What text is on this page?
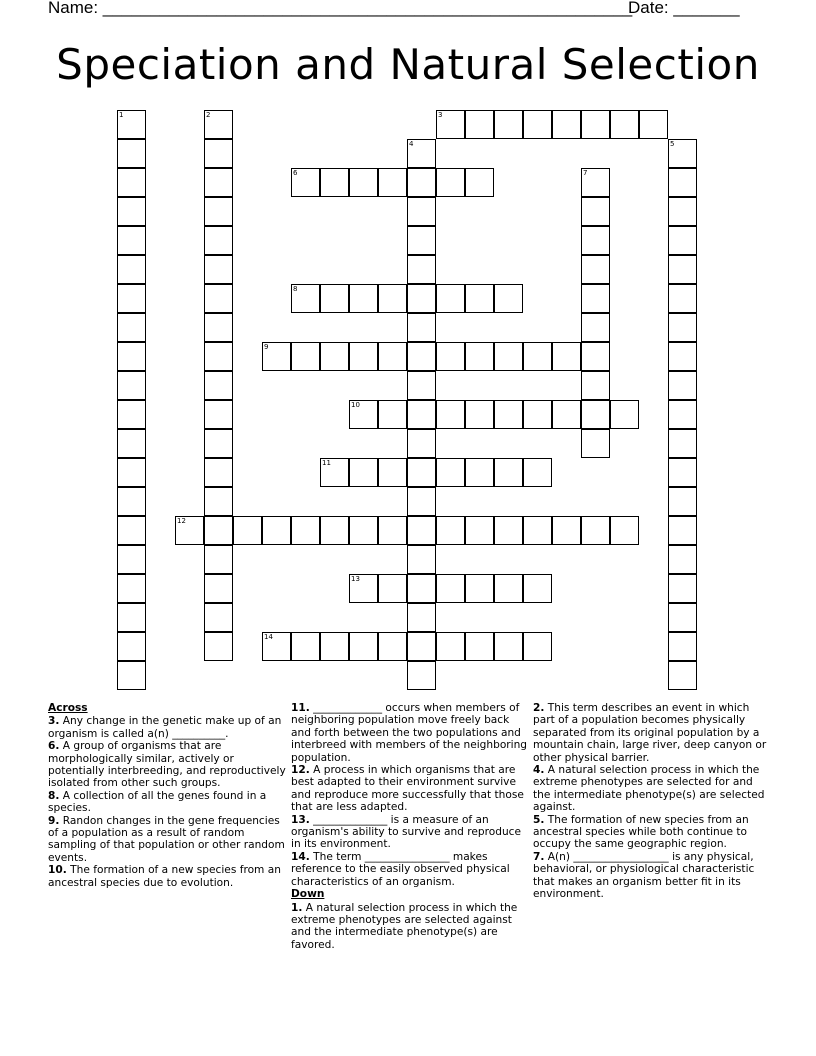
Name: ________________________________________________________
Date: _______
Speciation and Natural Selection
1	2	3
4	5
6	7
8
9
10
11
12
13
14
Across
3. Any change in the genetic make up of an organism is called a(n) __________.
6. A group of organisms that are morphologically similar, actively or potentially interbreeding, and reproductively isolated from other such groups.
8. A collection of all the genes found in a species.
9. Randon changes in the gene frequencies of a population as a result of random sampling of that population or other random events.
10. The formation of a new species from an ancestral species due to evolution.
11. _____________ occurs when members of neighboring population move freely back and forth between the two populations and interbreed with members of the neighboring population.
12. A process in which organisms that are best adapted to their environment survive and reproduce more successfully that those that are less adapted.
13. ______________ is a measure of an organism's ability to survive and reproduce in its environment.
14. The term ________________ makes reference to the easily observed physical characteristics of an organism.
Down
1. A natural selection process in which the extreme phenotypes are selected against and the intermediate phenotype(s) are favored.
2. This term describes an event in which part of a population becomes physically separated from its original population by a mountain chain, large river, deep canyon or other physical barrier.
4. A natural selection process in which the extreme phenotypes are selected for and the intermediate phenotype(s) are selected against.
5. The formation of new species from an ancestral species while both continue to occupy the same geographic region.
7. A(n) __________________ is any physical, behavioral, or physiological characteristic that makes an organism better fit in its environment.
